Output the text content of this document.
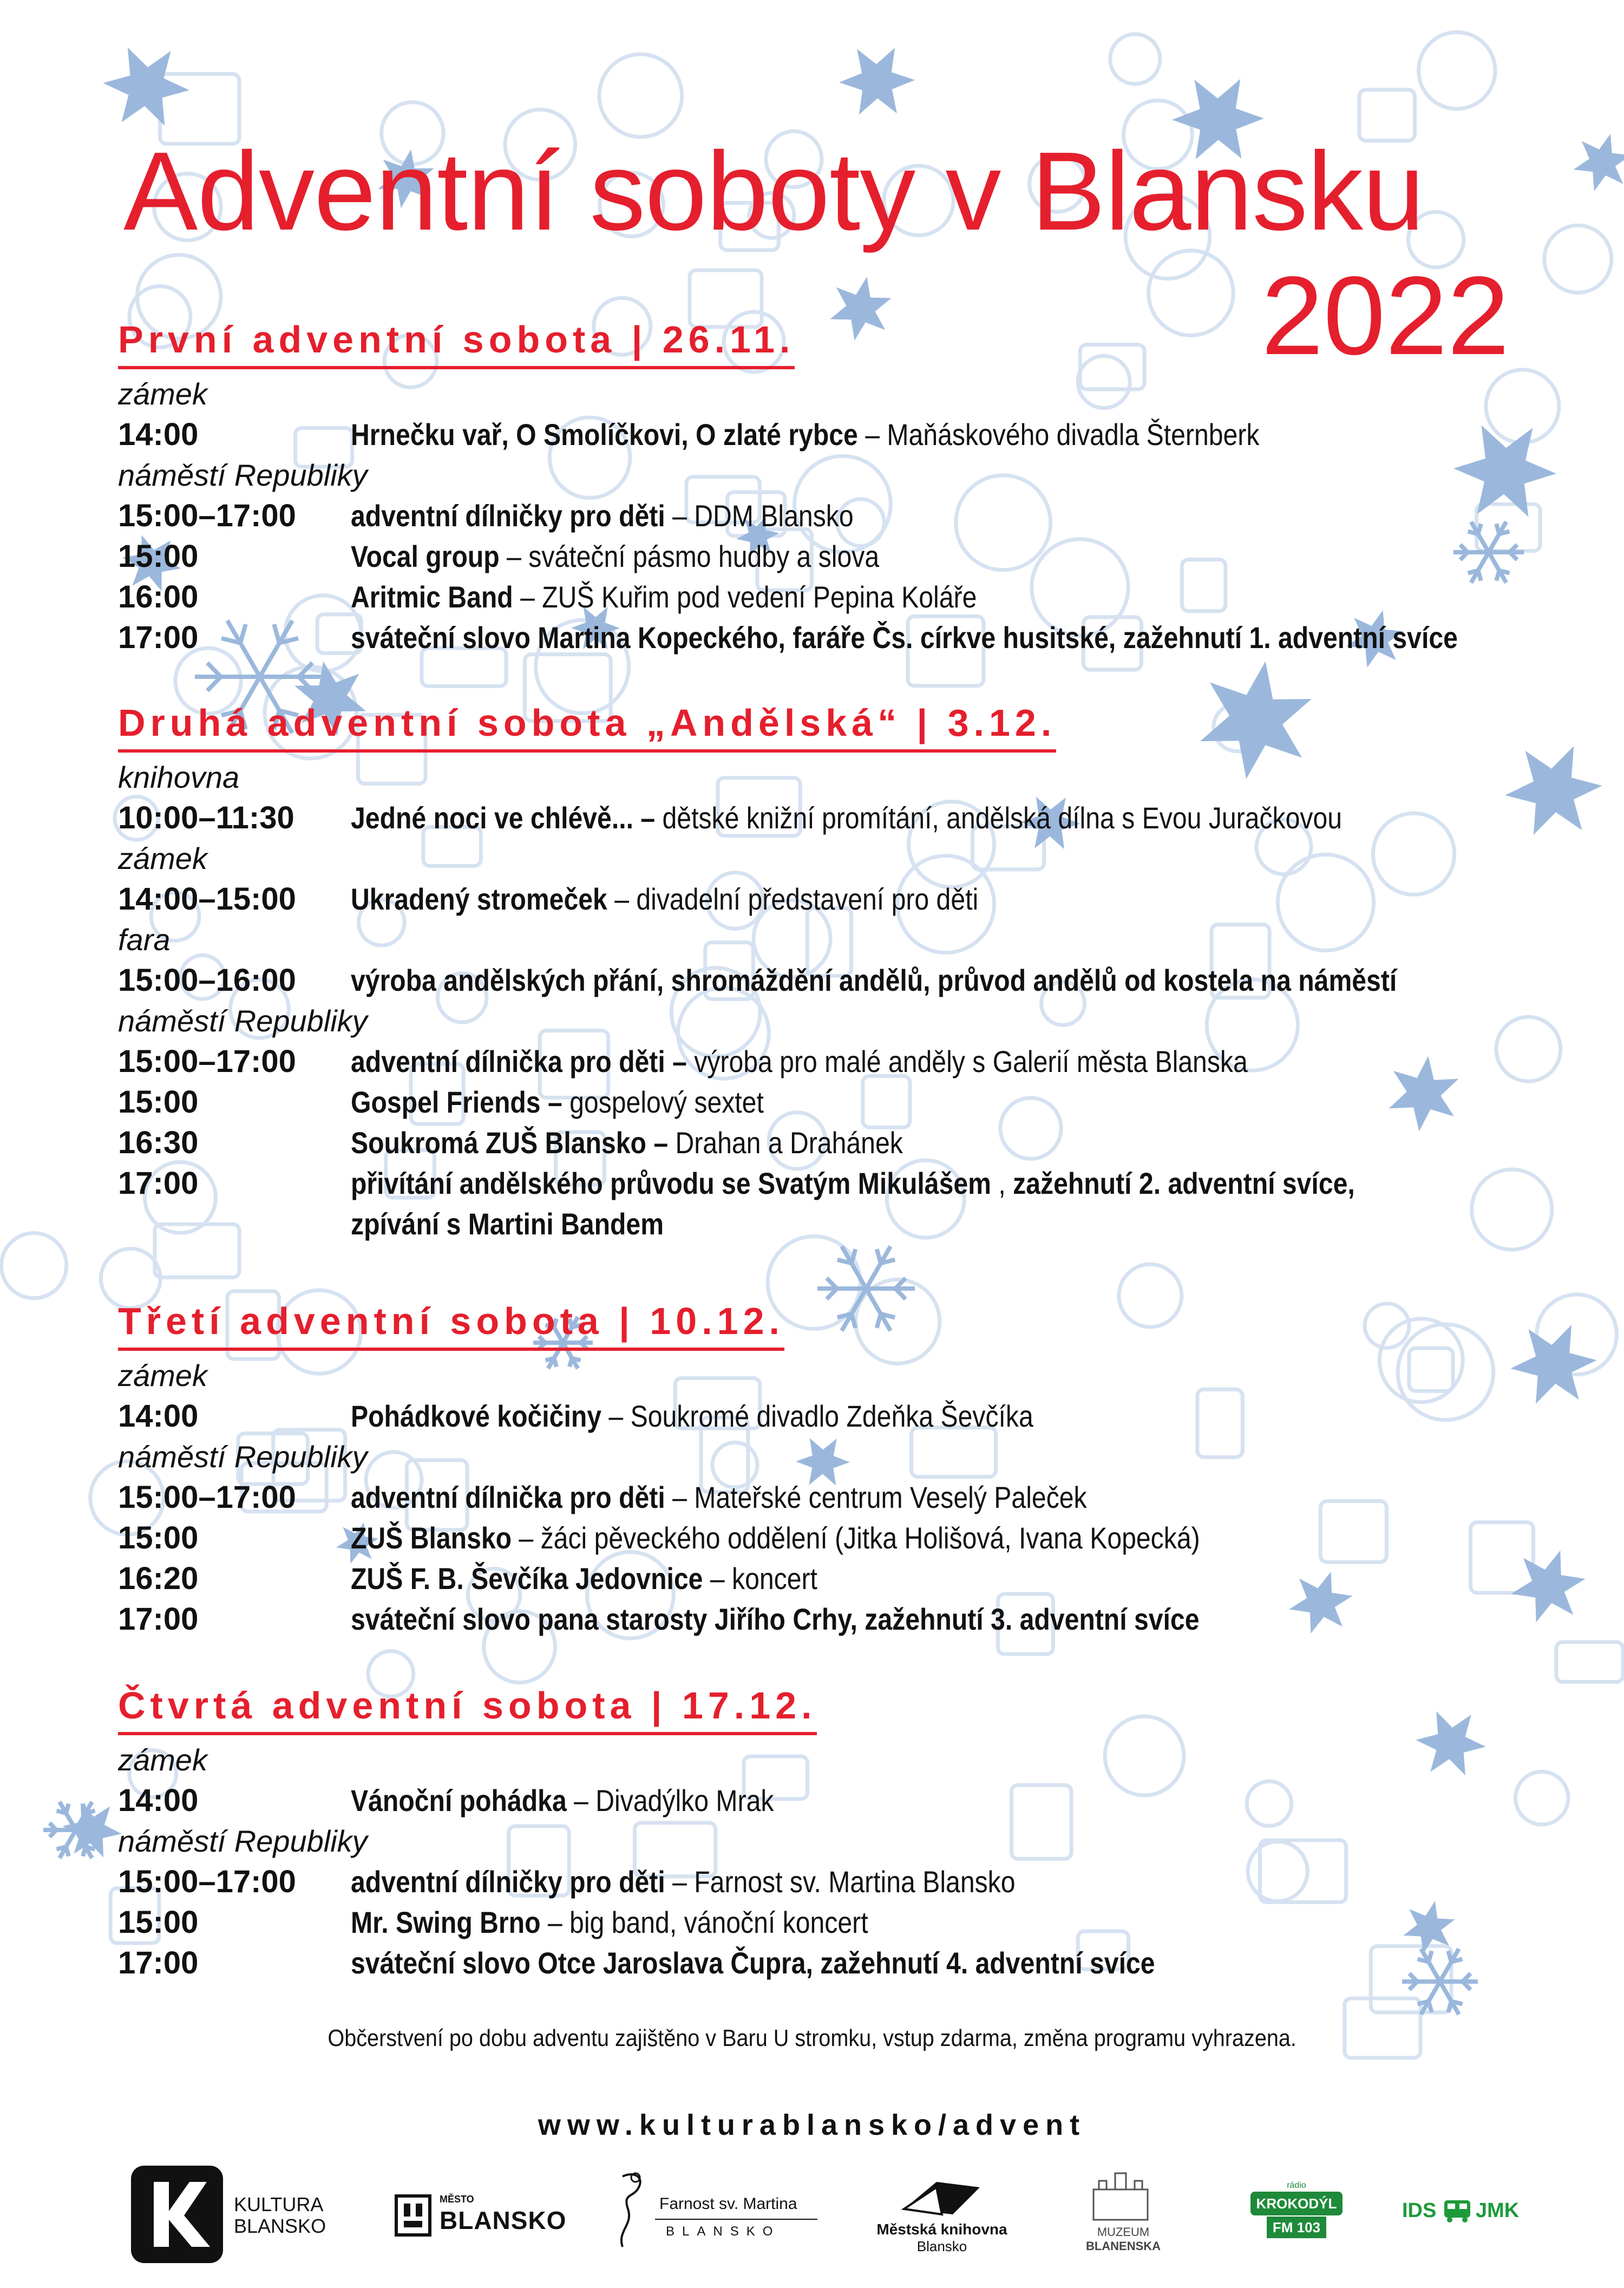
Adventní soboty v Blansku
2022
První adventní sobota | 26.11.
zámek
14:00	Hrnečku vař, O Smolíčkovi, O zlaté rybce – Maňáskového divadla Šternberk
náměstí Republiky
15:00–17:00 adventní dílničky pro děti – DDM Blansko
15:00	Vocal group – sváteční pásmo hudby a slova
16:00	Aritmic Band – ZUŠ Kuřim pod vedení Pepina Koláře
17:00	sváteční slovo Martina Kopeckého, faráře Čs. církve husitské, zažehnutí 1. adventní svíce
Druhá adventní sobota „Andělská“ | 3.12.
knihovna
10:00–11:30 Jedné noci ve chlévě... – dětské knižní promítání, andělská dílna s Evou Juračkovou
zámek
14:00–15:00 Ukradený stromeček – divadelní představení pro děti
fara
15:00–16:00 výroba andělských přání, shromáždění andělů, průvod andělů od kostela na náměstí
náměstí Republiky
15:00–17:00 adventní dílnička pro děti – výroba pro malé anděly s Galerií města Blanska
15:00	Gospel Friends – gospelový sextet
16:30	Soukromá ZUŠ Blansko – Drahan a Drahánek
17:00	přivítání andělského průvodu se Svatým Mikulášem , zažehnutí 2. adventní svíce,
zpívání s Martini Bandem
Třetí adventní sobota | 10.12.
zámek
14:00	Pohádkové kočičiny – Soukromé divadlo Zdeňka Ševčíka
náměstí Republiky
15:00–17:00 adventní dílnička pro děti – Mateřské centrum Veselý Paleček
15:00	ZUŠ Blansko – žáci pěveckého oddělení (Jitka Holišová, Ivana Kopecká)
16:20	ZUŠ F. B. Ševčíka Jedovnice – koncert
17:00	sváteční slovo pana starosty Jiřího Crhy, zažehnutí 3. adventní svíce
Čtvrtá adventní sobota | 17.12.
zámek
14:00	Vánoční pohádka – Divadýlko Mrak
náměstí Republiky
15:00–17:00 adventní dílničky pro děti – Farnost sv. Martina Blansko
15:00	Mr. Swing Brno – big band, vánoční koncert
17:00	sváteční slovo Otce Jaroslava Čupra, zažehnutí 4. adventní svíce
Občerstvení po dobu adventu zajištěno v Baru U stromku, vstup zdarma, změna programu vyhrazena.
www.kulturablansko/advent
KULTURA
BLANSKO
MĚSTO
BLANSKO
Farnost sv. Martina
BLANSKO	Městská knihovna
Blansko
MUZEUM
BLANENSKA
KROKODÝL
rádio
FM 103
IDS JMK
